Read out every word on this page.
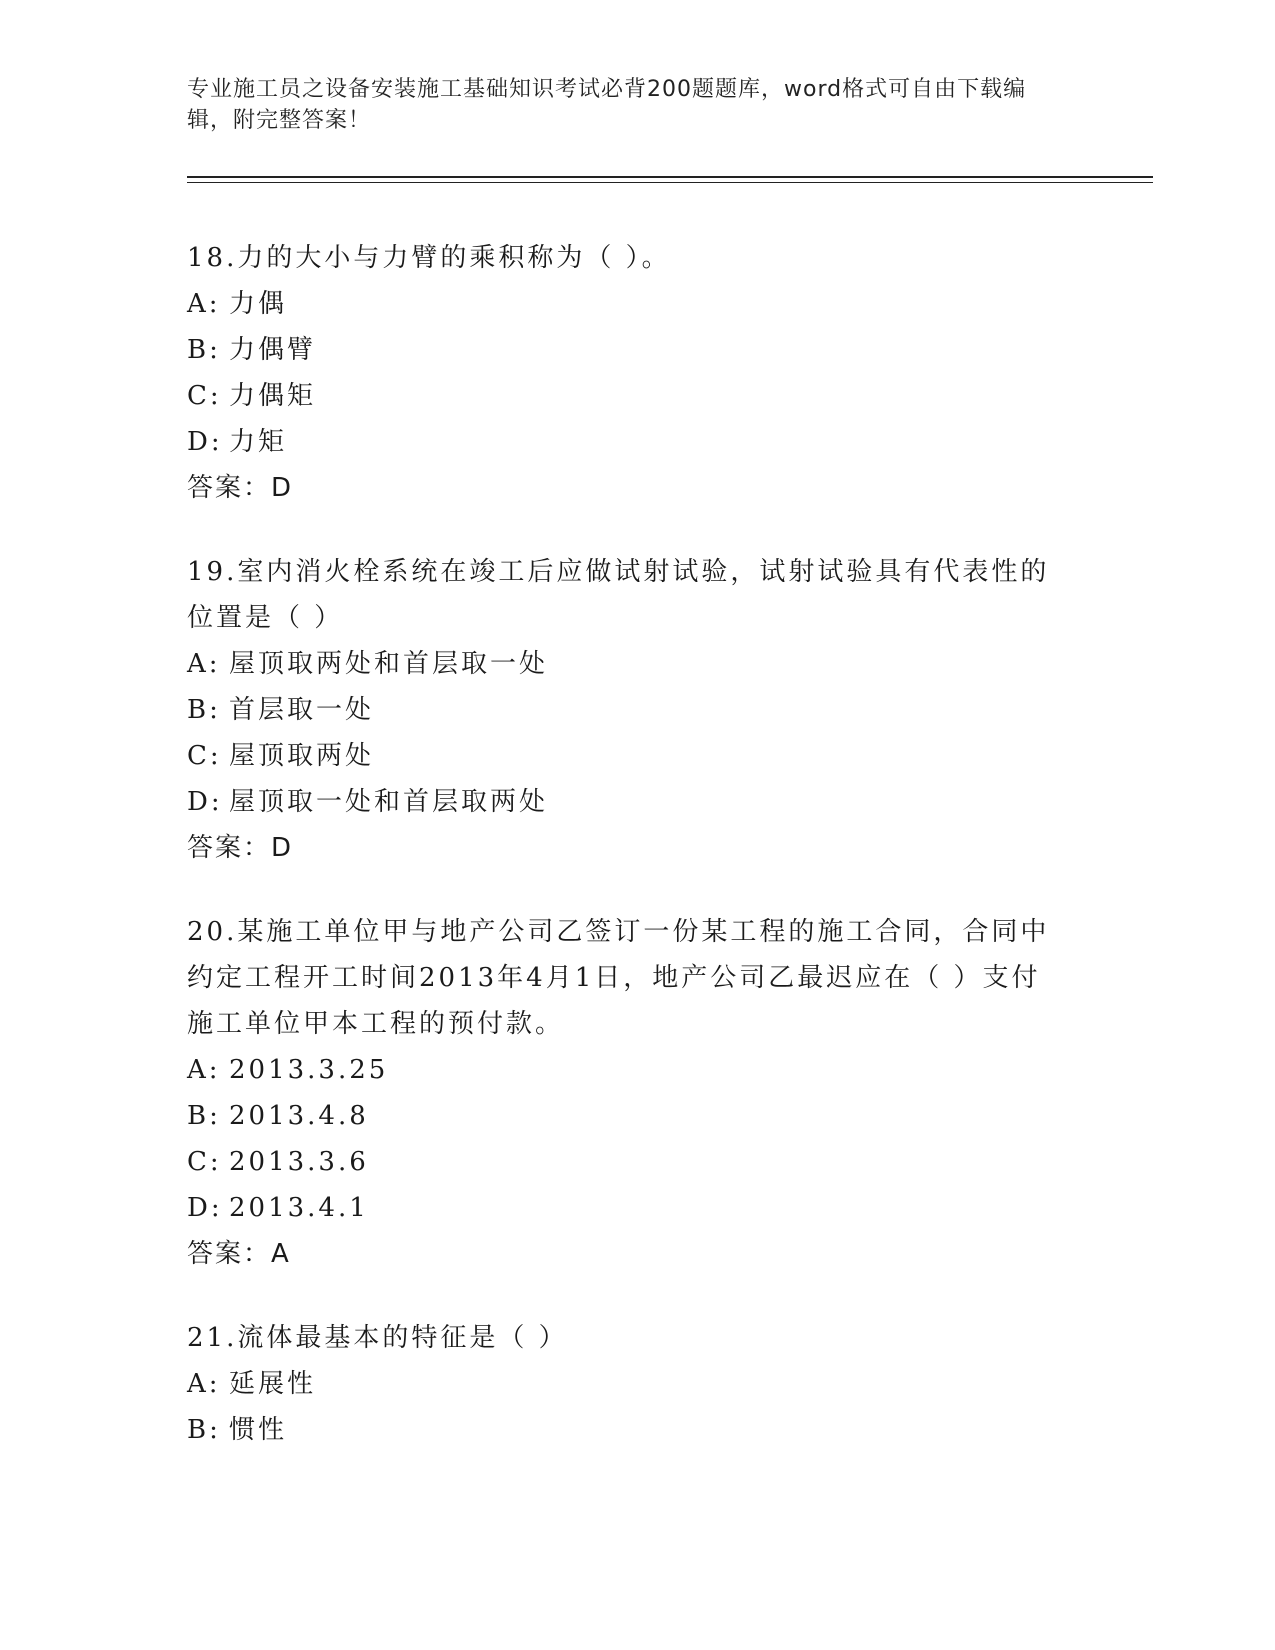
专业施工员之设备安装施工基础知识考试必背200题题库，word格式可自由下载编辑，附完整答案！

18.力的大小与力臂的乘积称为（ ）。

A: 力偶

B: 力偶臂

C: 力偶矩

D: 力矩

答案：D

19.室内消火栓系统在竣工后应做试射试验，试射试验具有代表性的位置是（ ）

A: 屋顶取两处和首层取一处

B: 首层取一处

C: 屋顶取两处

D: 屋顶取一处和首层取两处

答案：D

20.某施工单位甲与地产公司乙签订一份某工程的施工合同，合同中约定工程开工时间2013年4月1日，地产公司乙最迟应在（ ）支付施工单位甲本工程的预付款。

A: 2013.3.25

B: 2013.4.8

C: 2013.3.6

D: 2013.4.1

答案：A

21.流体最基本的特征是（ ）

A: 延展性

B: 惯性
